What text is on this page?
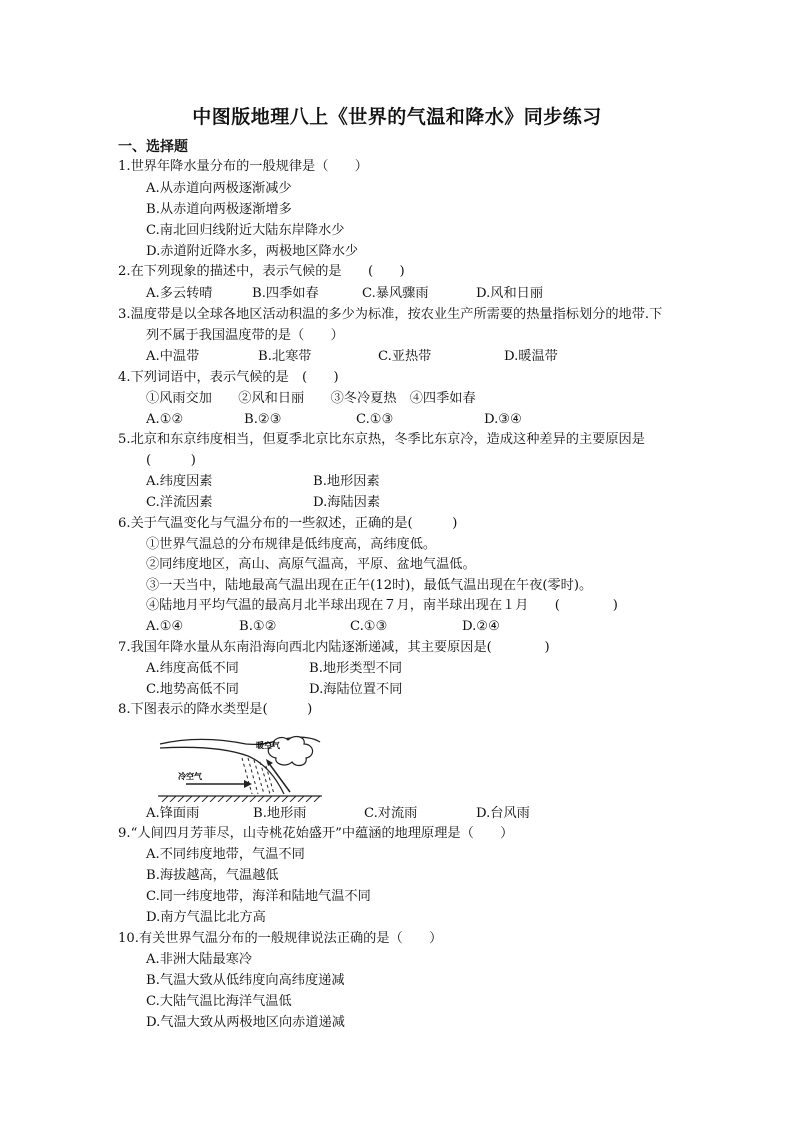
中图版地理八上《世界的气温和降水》同步练习
一、选择题
1.世界年降水量分布的一般规律是（　　）
A.从赤道向两极逐渐减少
B.从赤道向两极逐渐增多
C.南北回归线附近大陆东岸降水少
D.赤道附近降水多，两极地区降水少
2.在下列现象的描述中，表示气候的是　　(　　)
A.多云转晴	B.四季如春	C.暴风骤雨	D.风和日丽
3.温度带是以全球各地区活动积温的多少为标准，按农业生产所需要的热量指标划分的地带.下
列不属于我国温度带的是（　　）
A.中温带	B.北寒带	C.亚热带	D.暖温带
4.下列词语中，表示气候的是　(　　)
①风雨交加　　②风和日丽　　③冬冷夏热　④四季如春
A.①②	B.②③	C.①③	D.③④
5.北京和东京纬度相当，但夏季北京比东京热，冬季比东京冷，造成这种差异的主要原因是
(　　　)
A.纬度因素	B.地形因素
C.洋流因素	D.海陆因素
6.关于气温变化与气温分布的一些叙述，正确的是(　　　)
①世界气温总的分布规律是低纬度高，高纬度低。
②同纬度地区，高山、高原气温高，平原、盆地气温低。
③一天当中，陆地最高气温出现在正午(12时)，最低气温出现在午夜(零时)。
④陆地月平均气温的最高月北半球出现在７月，南半球出现在１月　　(　　　　)
A.①④	B.①②	C.①③	D.②④
7.我国年降水量从东南沿海向西北内陆逐渐递减，其主要原因是(　　　　)
A.纬度高低不同	B.地形类型不同
C.地势高低不同	D.海陆位置不同
8.下图表示的降水类型是(　　　)
暖空气
冷空气
A.锋面雨	B.地形雨	C.对流雨	D.台风雨
9.“人间四月芳菲尽，山寺桃花始盛开”中蕴涵的地理原理是（　　）
A.不同纬度地带，气温不同
B.海拔越高，气温越低
C.同一纬度地带，海洋和陆地气温不同
D.南方气温比北方高
10.有关世界气温分布的一般规律说法正确的是（　　）
A.非洲大陆最寒冷
B.气温大致从低纬度向高纬度递减
C.大陆气温比海洋气温低
D.气温大致从两极地区向赤道递减
